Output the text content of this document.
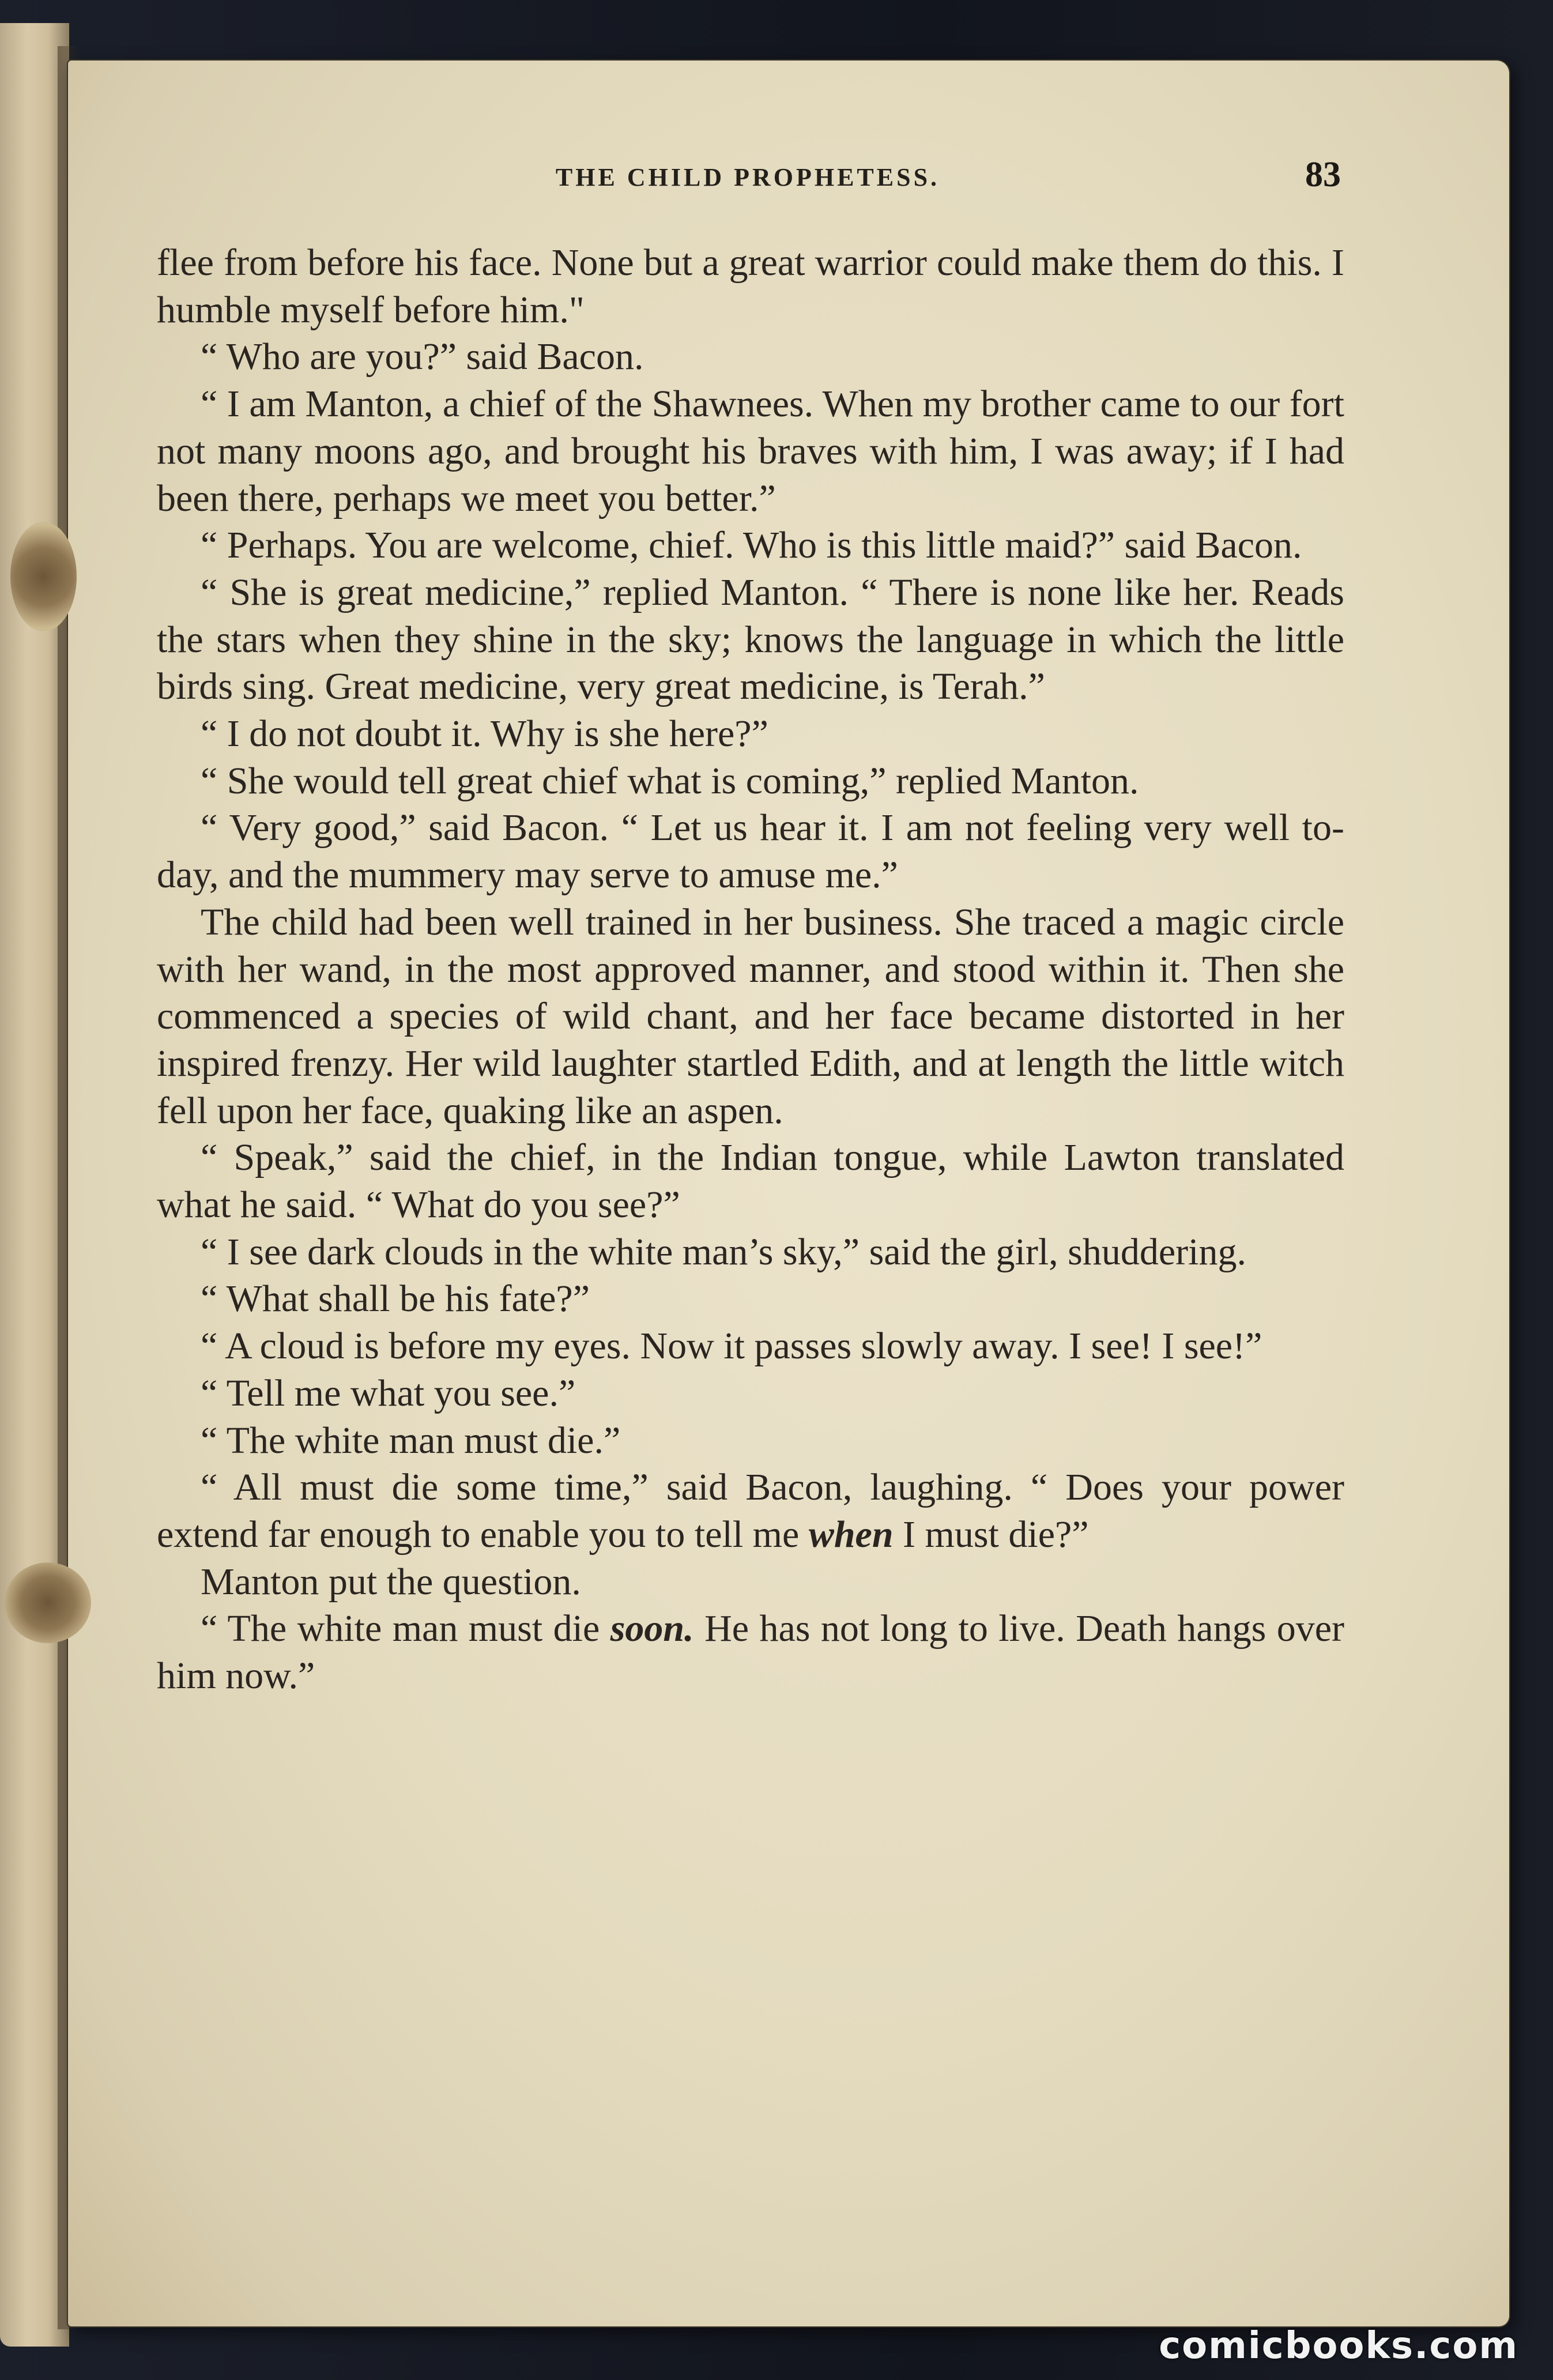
THE CHILD PROPHETESS.	83

flee from before his face. None but a great warrior could make them do this. I humble myself before him."

“ Who are you?” said Bacon.

“ I am Manton, a chief of the Shawnees. When my brother came to our fort not many moons ago, and brought his braves with him, I was away; if I had been there, perhaps we meet you better.”

“ Perhaps. You are welcome, chief. Who is this little maid?” said Bacon.

“ She is great medicine,” replied Manton. “ There is none like her. Reads the stars when they shine in the sky; knows the language in which the little birds sing. Great medicine, very great medicine, is Terah.”

“ I do not doubt it. Why is she here?”

“ She would tell great chief what is coming,” replied Manton.

“ Very good,” said Bacon. “ Let us hear it. I am not feeling very well to-day, and the mummery may serve to amuse me.”

The child had been well trained in her business. She traced a magic circle with her wand, in the most approved manner, and stood within it. Then she commenced a species of wild chant, and her face became distorted in her inspired frenzy. Her wild laughter startled Edith, and at length the little witch fell upon her face, quaking like an aspen.

“ Speak,” said the chief, in the Indian tongue, while Lawton translated what he said. “ What do you see?”

“ I see dark clouds in the white man’s sky,” said the girl, shuddering.

“ What shall be his fate?”

“ A cloud is before my eyes. Now it passes slowly away. I see! I see!”

“ Tell me what you see.”

“ The white man must die.”

“ All must die some time,” said Bacon, laughing. “ Does your power extend far enough to enable you to tell me when I must die?”

Manton put the question.

“ The white man must die soon. He has not long to live. Death hangs over him now.”

comicbooks.com
